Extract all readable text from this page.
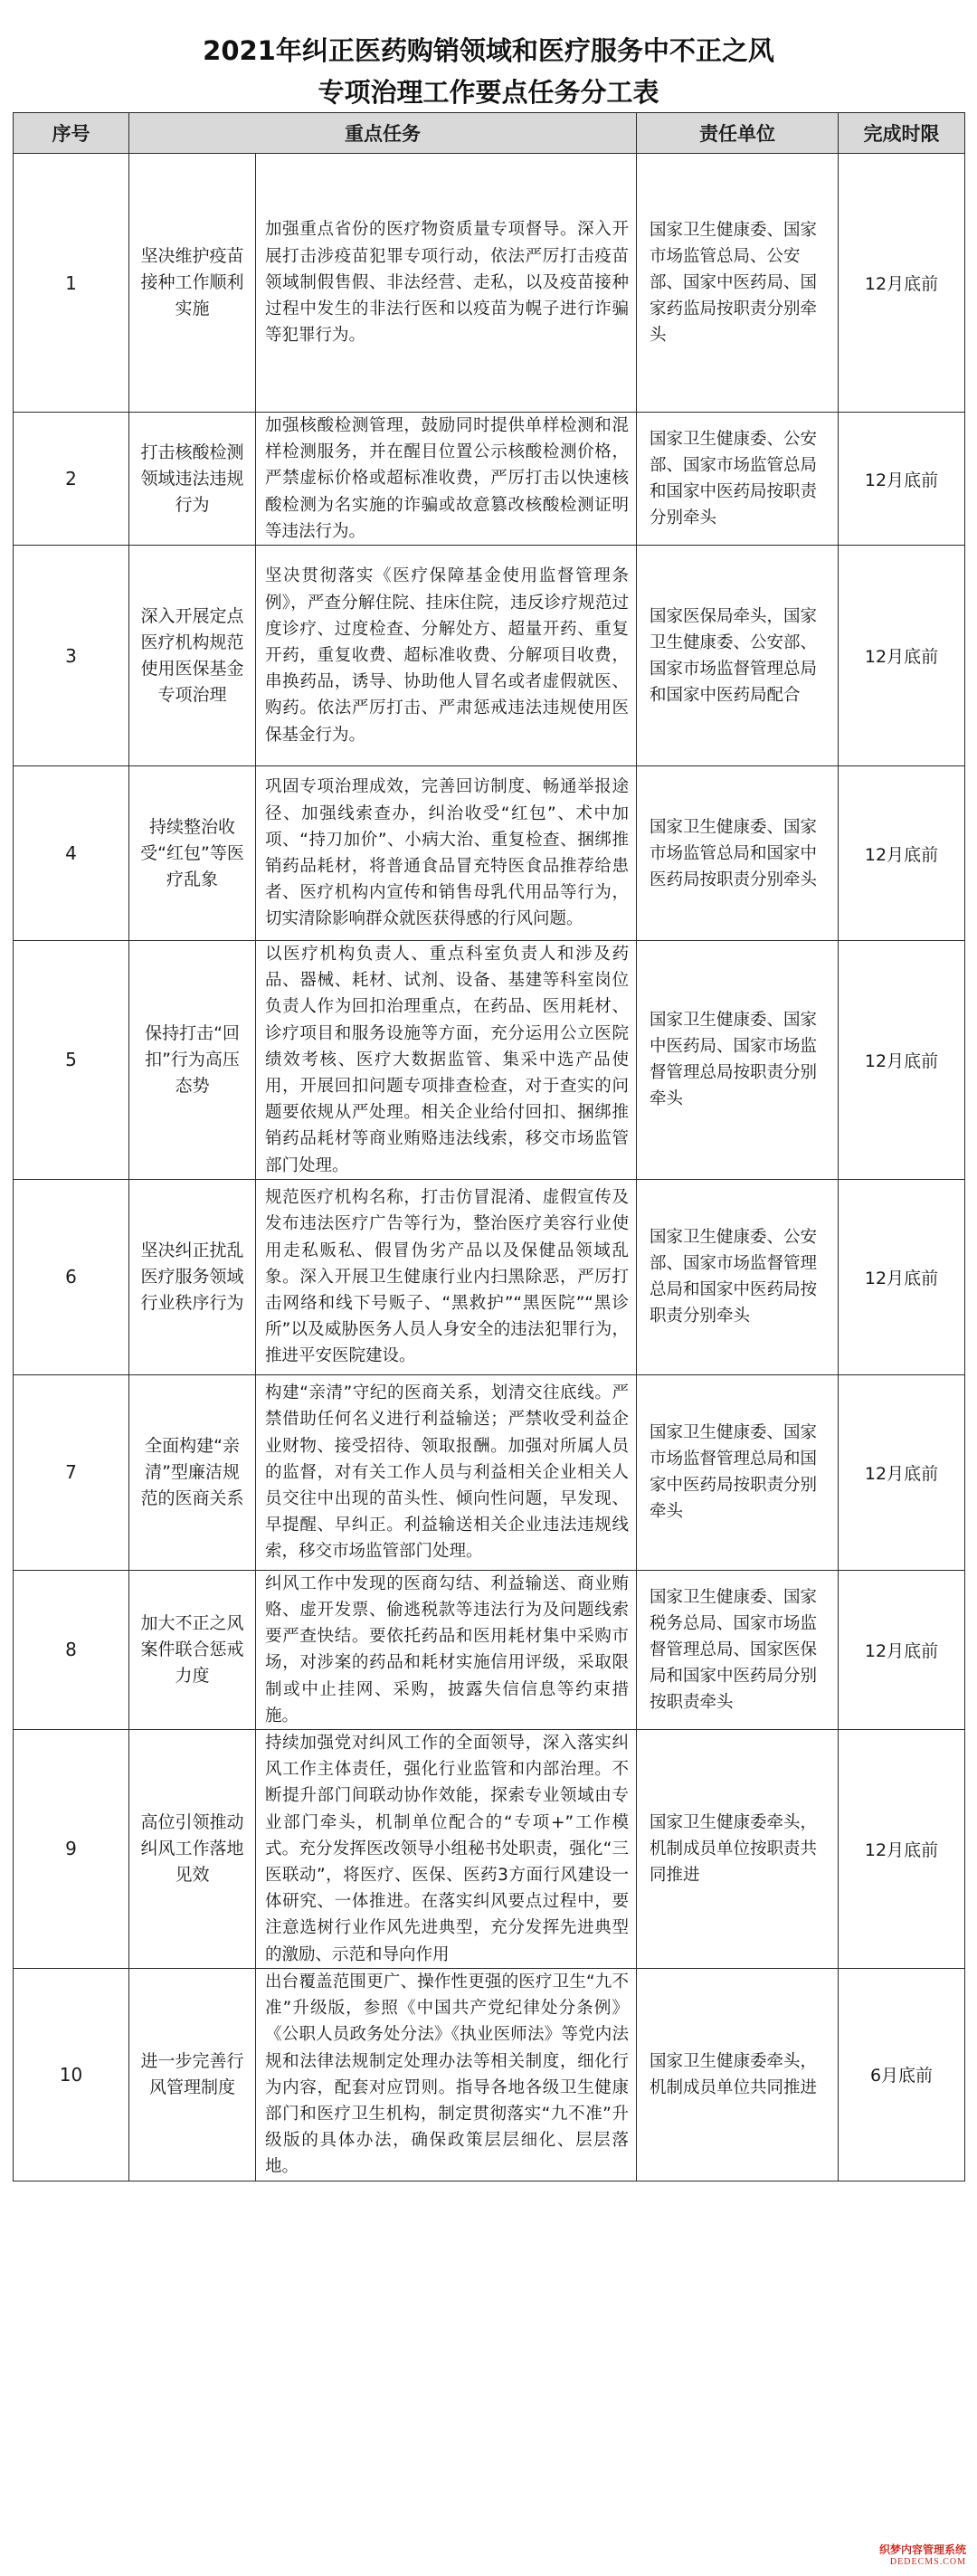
2021年纠正医药购销领域和医疗服务中不正之风
专项治理工作要点任务分工表
序号	重点任务		责任单位	完成时限
1	坚决维护疫苗接种工作顺利实施	加强重点省份的医疗物资质量专项督导。深入开展打击涉疫苗犯罪专项行动，依法严厉打击疫苗领域制假售假、非法经营、走私，以及疫苗接种过程中发生的非法行医和以疫苗为幌子进行诈骗等犯罪行为。	国家卫生健康委、国家市场监管总局、公安部、国家中医药局、国家药监局按职责分别牵头	12月底前
2	打击核酸检测领域违法违规行为	加强核酸检测管理，鼓励同时提供单样检测和混样检测服务，并在醒目位置公示核酸检测价格，严禁虚标价格或超标准收费，严厉打击以快速核酸检测为名实施的诈骗或故意篡改核酸检测证明等违法行为。	国家卫生健康委、公安部、国家市场监管总局和国家中医药局按职责分别牵头	12月底前
3	深入开展定点医疗机构规范使用医保基金专项治理	坚决贯彻落实《医疗保障基金使用监督管理条例》，严查分解住院、挂床住院，违反诊疗规范过度诊疗、过度检查、分解处方、超量开药、重复开药，重复收费、超标准收费、分解项目收费，串换药品，诱导、协助他人冒名或者虚假就医、购药。依法严厉打击、严肃惩戒违法违规使用医保基金行为。	国家医保局牵头，国家卫生健康委、公安部、国家市场监督管理总局和国家中医药局配合	12月底前
4	持续整治收受“红包”等医疗乱象	巩固专项治理成效，完善回访制度、畅通举报途径、加强线索查办，纠治收受“红包”、术中加项、“持刀加价”、小病大治、重复检查、捆绑推销药品耗材，将普通食品冒充特医食品推荐给患者、医疗机构内宣传和销售母乳代用品等行为，切实清除影响群众就医获得感的行风问题。	国家卫生健康委、国家市场监管总局和国家中医药局按职责分别牵头	12月底前
5	保持打击“回扣”行为高压态势	以医疗机构负责人、重点科室负责人和涉及药品、器械、耗材、试剂、设备、基建等科室岗位负责人作为回扣治理重点，在药品、医用耗材、诊疗项目和服务设施等方面，充分运用公立医院绩效考核、医疗大数据监管、集采中选产品使用，开展回扣问题专项排查检查，对于查实的问题要依规从严处理。相关企业给付回扣、捆绑推销药品耗材等商业贿赂违法线索，移交市场监管部门处理。	国家卫生健康委、国家中医药局、国家市场监督管理总局按职责分别牵头	12月底前
6	坚决纠正扰乱医疗服务领域行业秩序行为	规范医疗机构名称，打击仿冒混淆、虚假宣传及发布违法医疗广告等行为，整治医疗美容行业使用走私贩私、假冒伪劣产品以及保健品领域乱象。深入开展卫生健康行业内扫黑除恶，严厉打击网络和线下号贩子、“黑救护”“黑医院”“黑诊所”以及威胁医务人员人身安全的违法犯罪行为，推进平安医院建设。	国家卫生健康委、公安部、国家市场监督管理总局和国家中医药局按职责分别牵头	12月底前
7	全面构建“亲清”型廉洁规范的医商关系	构建“亲清”守纪的医商关系，划清交往底线。严禁借助任何名义进行利益输送；严禁收受利益企业财物、接受招待、领取报酬。加强对所属人员的监督，对有关工作人员与利益相关企业相关人员交往中出现的苗头性、倾向性问题，早发现、早提醒、早纠正。利益输送相关企业违法违规线索，移交市场监管部门处理。	国家卫生健康委、国家市场监督管理总局和国家中医药局按职责分别牵头	12月底前
8	加大不正之风案件联合惩戒力度	纠风工作中发现的医商勾结、利益输送、商业贿赂、虚开发票、偷逃税款等违法行为及问题线索要严查快结。要依托药品和医用耗材集中采购市场，对涉案的药品和耗材实施信用评级，采取限制或中止挂网、采购，披露失信信息等约束措施。	国家卫生健康委、国家税务总局、国家市场监督管理总局、国家医保局和国家中医药局分别按职责牵头	12月底前
9	高位引领推动纠风工作落地见效	持续加强党对纠风工作的全面领导，深入落实纠风工作主体责任，强化行业监管和内部治理。不断提升部门间联动协作效能，探索专业领域由专业部门牵头，机制单位配合的“专项+”工作模式。充分发挥医改领导小组秘书处职责，强化“三医联动”，将医疗、医保、医药3方面行风建设一体研究、一体推进。在落实纠风要点过程中，要注意选树行业作风先进典型，充分发挥先进典型的激励、示范和导向作用	国家卫生健康委牵头，机制成员单位按职责共同推进	12月底前
10	进一步完善行风管理制度	出台覆盖范围更广、操作性更强的医疗卫生“九不准”升级版，参照《中国共产党纪律处分条例》《公职人员政务处分法》《执业医师法》等党内法规和法律法规制定处理办法等相关制度，细化行为内容，配套对应罚则。指导各地各级卫生健康部门和医疗卫生机构，制定贯彻落实“九不准”升级版的具体办法，确保政策层层细化、层层落地。	国家卫生健康委牵头，机制成员单位共同推进	6月底前
织梦内容管理系统
DEDECMS.COM
